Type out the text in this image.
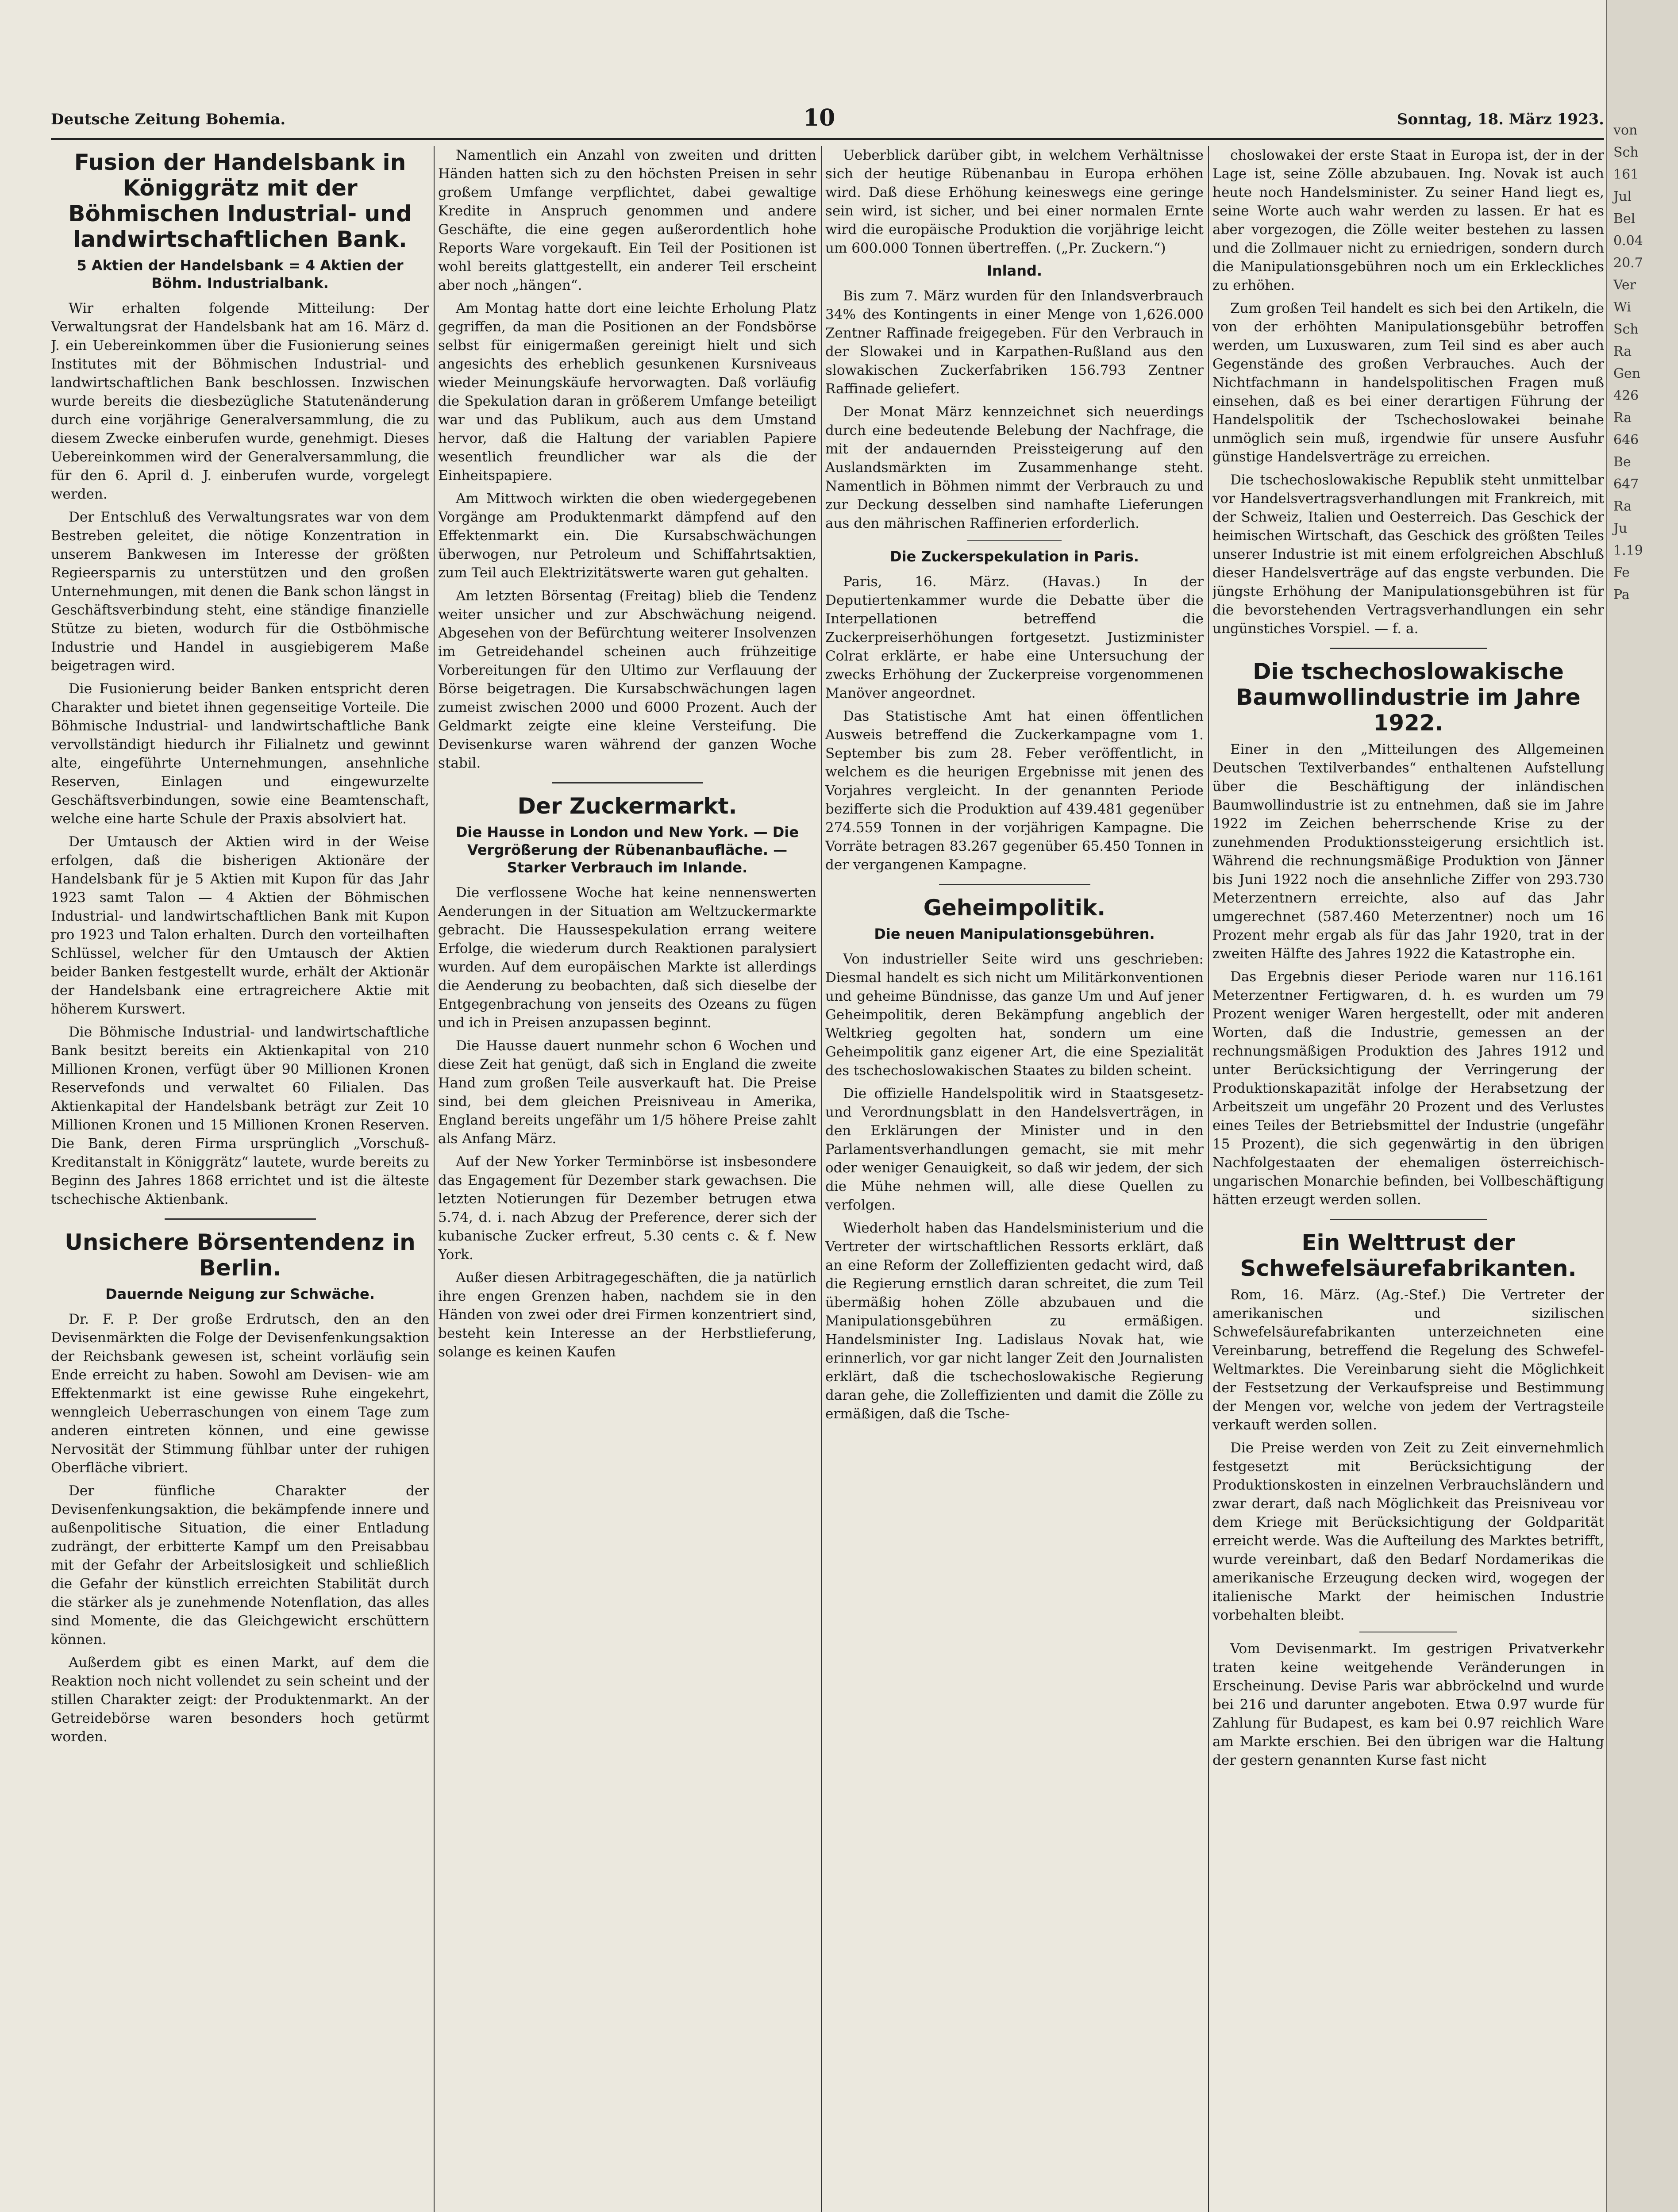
Deutsche Zeitung Bohemia.	10	Sonntag, 18. März 1923.
Fusion der Handelsbank in Königgrätz mit der Böhmischen Industrial- und landwirtschaftlichen Bank.
5 Aktien der Handelsbank = 4 Aktien der Böhm. Industrialbank.

Wir erhalten folgende Mitteilung: Der Verwaltungsrat der Handelsbank hat am 16. März d. J. ein Uebereinkommen über die Fusionierung seines Institutes mit der Böhmischen Industrial- und landwirtschaftlichen Bank beschlossen. Inzwischen wurde bereits die diesbezügliche Statutenänderung durch eine vorjährige Generalversammlung, die zu diesem Zwecke einberufen wurde, genehmigt. Dieses Uebereinkommen wird der Generalversammlung, die für den 6. April d. J. einberufen wurde, vorgelegt werden.

Der Entschluß des Verwaltungsrates war von dem Bestreben geleitet, die nötige Konzentration in unserem Bankwesen im Interesse der größten Regieersparnis zu unterstützen und den großen Unternehmungen, mit denen die Bank schon längst in Geschäftsverbindung steht, eine ständige finanzielle Stütze zu bieten, wodurch für die Ostböhmische Industrie und Handel in ausgiebigerem Maße beigetragen wird.

Die Fusionierung beider Banken entspricht deren Charakter und bietet ihnen gegenseitige Vorteile. Die Böhmische Industrial- und landwirtschaftliche Bank vervollständigt hiedurch ihr Filialnetz und gewinnt alte, eingeführte Unternehmungen, ansehnliche Reserven, Einlagen und eingewurzelte Geschäftsverbindungen, sowie eine Beamtenschaft, welche eine harte Schule der Praxis absolviert hat.

Der Umtausch der Aktien wird in der Weise erfolgen, daß die bisherigen Aktionäre der Handelsbank für je 5 Aktien mit Kupon für das Jahr 1923 samt Talon — 4 Aktien der Böhmischen Industrial- und landwirtschaftlichen Bank mit Kupon pro 1923 und Talon erhalten. Durch den vorteilhaften Schlüssel, welcher für den Umtausch der Aktien beider Banken festgestellt wurde, erhält der Aktionär der Handelsbank eine ertragreichere Aktie mit höherem Kurswert.

Die Böhmische Industrial- und landwirtschaftliche Bank besitzt bereits ein Aktienkapital von 210 Millionen Kronen, verfügt über 90 Millionen Kronen Reservefonds und verwaltet 60 Filialen. Das Aktienkapital der Handelsbank beträgt zur Zeit 10 Millionen Kronen und 15 Millionen Kronen Reserven. Die Bank, deren Firma ursprünglich „Vorschuß-Kreditanstalt in Königgrätz“ lautete, wurde bereits zu Beginn des Jahres 1868 errichtet und ist die älteste tschechische Aktienbank.

Unsichere Börsentendenz in Berlin.
Dauernde Neigung zur Schwäche.

Dr. F. P. Der große Erdrutsch, den an den Devisenmärkten die Folge der Devisenfenkungsaktion der Reichsbank gewesen ist, scheint vorläufig sein Ende erreicht zu haben. Sowohl am Devisen- wie am Effektenmarkt ist eine gewisse Ruhe eingekehrt, wenngleich Ueberraschungen von einem Tage zum anderen eintreten können, und eine gewisse Nervosität der Stimmung fühlbar unter der ruhigen Oberfläche vibriert.

Der fünfliche Charakter der Devisenfenkungsaktion, die bekämpfende innere und außenpolitische Situation, die einer Entladung zudrängt, der erbitterte Kampf um den Preisabbau mit der Gefahr der Arbeitslosigkeit und schließlich die Gefahr der künstlich erreichten Stabilität durch die stärker als je zunehmende Notenflation, das alles sind Momente, die das Gleichgewicht erschüttern können.

Außerdem gibt es einen Markt, auf dem die Reaktion noch nicht vollendet zu sein scheint und der stillen Charakter zeigt: der Produktenmarkt. An der Getreidebörse waren besonders hoch getürmt worden.

Namentlich ein Anzahl von zweiten und dritten Händen hatten sich zu den höchsten Preisen in sehr großem Umfange verpflichtet, dabei gewaltige Kredite in Anspruch genommen und andere Geschäfte, die eine gegen außerordentlich hohe Reports Ware vorgekauft. Ein Teil der Positionen ist wohl bereits glattgestellt, ein anderer Teil erscheint aber noch „hängen“.

Am Montag hatte dort eine leichte Erholung Platz gegriffen, da man die Positionen an der Fondsbörse selbst für einigermaßen gereinigt hielt und sich angesichts des erheblich gesunkenen Kursniveaus wieder Meinungskäufe hervorwagten. Daß vorläufig die Spekulation daran in größerem Umfange beteiligt war und das Publikum, auch aus dem Umstand hervor, daß die Haltung der variablen Papiere wesentlich freundlicher war als die der Einheitspapiere.

Am Mittwoch wirkten die oben wiedergegebenen Vorgänge am Produktenmarkt dämpfend auf den Effektenmarkt ein. Die Kursabschwächungen überwogen, nur Petroleum und Schiffahrtsaktien, zum Teil auch Elektrizitätswerte waren gut gehalten.

Am letzten Börsentag (Freitag) blieb die Tendenz weiter unsicher und zur Abschwächung neigend. Abgesehen von der Befürchtung weiterer Insolvenzen im Getreidehandel scheinen auch frühzeitige Vorbereitungen für den Ultimo zur Verflauung der Börse beigetragen. Die Kursabschwächungen lagen zumeist zwischen 2000 und 6000 Prozent. Auch der Geldmarkt zeigte eine kleine Versteifung. Die Devisenkurse waren während der ganzen Woche stabil.

Der Zuckermarkt.
Die Hausse in London und New York. — Die Vergrößerung der Rübenanbaufläche. — Starker Verbrauch im Inlande.

Die verflossene Woche hat keine nennenswerten Aenderungen in der Situation am Weltzuckermarkte gebracht. Die Haussespekulation errang weitere Erfolge, die wiederum durch Reaktionen paralysiert wurden. Auf dem europäischen Markte ist allerdings die Aenderung zu beobachten, daß sich dieselbe der Entgegenbrachung von jenseits des Ozeans zu fügen und ich in Preisen anzupassen beginnt.

Die Hausse dauert nunmehr schon 6 Wochen und diese Zeit hat genügt, daß sich in England die zweite Hand zum großen Teile ausverkauft hat. Die Preise sind, bei dem gleichen Preisniveau in Amerika, England bereits ungefähr um 1/5 höhere Preise zahlt als Anfang März.

Auf der New Yorker Terminbörse ist insbesondere das Engagement für Dezember stark gewachsen. Die letzten Notierungen für Dezember betrugen etwa 5.74, d. i. nach Abzug der Preference, derer sich der kubanische Zucker erfreut, 5.30 cents c. & f. New York.

Außer diesen Arbitragegeschäften, die ja natürlich ihre engen Grenzen haben, nachdem sie in den Händen von zwei oder drei Firmen konzentriert sind, besteht kein Interesse an der Herbstlieferung, solange es keinen Kaufen

Ueberblick darüber gibt, in welchem Verhältnisse sich der heutige Rübenanbau in Europa erhöhen wird. Daß diese Erhöhung keineswegs eine geringe sein wird, ist sicher, und bei einer normalen Ernte wird die europäische Produktion die vorjährige leicht um 600.000 Tonnen übertreffen. („Pr. Zuckern.“)

Inland.

Bis zum 7. März wurden für den Inlandsverbrauch 34% des Kontingents in einer Menge von 1,626.000 Zentner Raffinade freigegeben. Für den Verbrauch in der Slowakei und in Karpathen-Rußland aus den slowakischen Zuckerfabriken 156.793 Zentner Raffinade geliefert.

Der Monat März kennzeichnet sich neuerdings durch eine bedeutende Belebung der Nachfrage, die mit der andauernden Preissteigerung auf den Auslandsmärkten im Zusammenhange steht. Namentlich in Böhmen nimmt der Verbrauch zu und zur Deckung desselben sind namhafte Lieferungen aus den mährischen Raffinerien erforderlich.

Die Zuckerspekulation in Paris.

Paris, 16. März. (Havas.) In der Deputiertenkammer wurde die Debatte über die Interpellationen betreffend die Zuckerpreiserhöhungen fortgesetzt. Justizminister Colrat erklärte, er habe eine Untersuchung der zwecks Erhöhung der Zuckerpreise vorgenommenen Manöver angeordnet.

Das Statistische Amt hat einen öffentlichen Ausweis betreffend die Zuckerkampagne vom 1. September bis zum 28. Feber veröffentlicht, in welchem es die heurigen Ergebnisse mit jenen des Vorjahres vergleicht. In der genannten Periode bezifferte sich die Produktion auf 439.481 gegenüber 274.559 Tonnen in der vorjährigen Kampagne. Die Vorräte betragen 83.267 gegenüber 65.450 Tonnen in der vergangenen Kampagne.

Geheimpolitik.
Die neuen Manipulationsgebühren.

Von industrieller Seite wird uns geschrieben: Diesmal handelt es sich nicht um Militärkonventionen und geheime Bündnisse, das ganze Um und Auf jener Geheimpolitik, deren Bekämpfung angeblich der Weltkrieg gegolten hat, sondern um eine Geheimpolitik ganz eigener Art, die eine Spezialität des tschechoslowakischen Staates zu bilden scheint.

Die offizielle Handelspolitik wird in Staatsgesetz- und Verordnungsblatt in den Handelsverträgen, in den Erklärungen der Minister und in den Parlamentsverhandlungen gemacht, sie mit mehr oder weniger Genauigkeit, so daß wir jedem, der sich die Mühe nehmen will, alle diese Quellen zu verfolgen.

Wiederholt haben das Handelsministerium und die Vertreter der wirtschaftlichen Ressorts erklärt, daß an eine Reform der Zolleffizienten gedacht wird, daß die Regierung ernstlich daran schreitet, die zum Teil übermäßig hohen Zölle abzubauen und die Manipulationsgebühren zu ermäßigen. Handelsminister Ing. Ladislaus Novak hat, wie erinnerlich, vor gar nicht langer Zeit den Journalisten erklärt, daß die tschechoslowakische Regierung daran gehe, die Zolleffizienten und damit die Zölle zu ermäßigen, daß die Tsche-

choslowakei der erste Staat in Europa ist, der in der Lage ist, seine Zölle abzubauen. Ing. Novak ist auch heute noch Handelsminister. Zu seiner Hand liegt es, seine Worte auch wahr werden zu lassen. Er hat es aber vorgezogen, die Zölle weiter bestehen zu lassen und die Zollmauer nicht zu erniedrigen, sondern durch die Manipulationsgebühren noch um ein Erkleckliches zu erhöhen.

Zum großen Teil handelt es sich bei den Artikeln, die von der erhöhten Manipulationsgebühr betroffen werden, um Luxuswaren, zum Teil sind es aber auch Gegenstände des großen Verbrauches. Auch der Nichtfachmann in handelspolitischen Fragen muß einsehen, daß es bei einer derartigen Führung der Handelspolitik der Tschechoslowakei beinahe unmöglich sein muß, irgendwie für unsere Ausfuhr günstige Handelsverträge zu erreichen.

Die tschechoslowakische Republik steht unmittelbar vor Handelsvertragsverhandlungen mit Frankreich, mit der Schweiz, Italien und Oesterreich. Das Geschick der heimischen Wirtschaft, das Geschick des größten Teiles unserer Industrie ist mit einem erfolgreichen Abschluß dieser Handelsverträge auf das engste verbunden. Die jüngste Erhöhung der Manipulationsgebühren ist für die bevorstehenden Vertragsverhandlungen ein sehr ungünstiches Vorspiel. — f. a.

Die tschechoslowakische Baumwollindustrie im Jahre 1922.

Einer in den „Mitteilungen des Allgemeinen Deutschen Textilverbandes“ enthaltenen Aufstellung über die Beschäftigung der inländischen Baumwollindustrie ist zu entnehmen, daß sie im Jahre 1922 im Zeichen beherrschende Krise zu der zunehmenden Produktionssteigerung ersichtlich ist. Während die rechnungsmäßige Produktion von Jänner bis Juni 1922 noch die ansehnliche Ziffer von 293.730 Meterzentnern erreichte, also auf das Jahr umgerechnet (587.460 Meterzentner) noch um 16 Prozent mehr ergab als für das Jahr 1920, trat in der zweiten Hälfte des Jahres 1922 die Katastrophe ein.

Das Ergebnis dieser Periode waren nur 116.161 Meterzentner Fertigwaren, d. h. es wurden um 79 Prozent weniger Waren hergestellt, oder mit anderen Worten, daß die Industrie, gemessen an der rechnungsmäßigen Produktion des Jahres 1912 und unter Berücksichtigung der Verringerung der Produktionskapazität infolge der Herabsetzung der Arbeitszeit um ungefähr 20 Prozent und des Verlustes eines Teiles der Betriebsmittel der Industrie (ungefähr 15 Prozent), die sich gegenwärtig in den übrigen Nachfolgestaaten der ehemaligen österreichisch-ungarischen Monarchie befinden, bei Vollbeschäftigung hätten erzeugt werden sollen.

Ein Welttrust der Schwefelsäurefabrikanten.

Rom, 16. März. (Ag.-Stef.) Die Vertreter der amerikanischen und sizilischen Schwefelsäurefabrikanten unterzeichneten eine Vereinbarung, betreffend die Regelung des Schwefel-Weltmarktes. Die Vereinbarung sieht die Möglichkeit der Festsetzung der Verkaufspreise und Bestimmung der Mengen vor, welche von jedem der Vertragsteile verkauft werden sollen.

Die Preise werden von Zeit zu Zeit einvernehmlich festgesetzt mit Berücksichtigung der Produktionskosten in einzelnen Verbrauchsländern und zwar derart, daß nach Möglichkeit das Preisniveau vor dem Kriege mit Berücksichtigung der Goldparität erreicht werde. Was die Aufteilung des Marktes betrifft, wurde vereinbart, daß den Bedarf Nordamerikas die amerikanische Erzeugung decken wird, wogegen der italienische Markt der heimischen Industrie vorbehalten bleibt.

Vom Devisenmarkt. Im gestrigen Privatverkehr traten keine weitgehende Veränderungen in Erscheinung. Devise Paris war abbröckelnd und wurde bei 216 und darunter angeboten. Etwa 0.97 wurde für Zahlung für Budapest, es kam bei 0.97 reichlich Ware am Markte erschien. Bei den übrigen war die Haltung der gestern genannten Kurse fast nicht

von
Sch
161
Jul
Bel
0.04
20.7
Ver
Wi
Sch
Ra
Gen
426
Ra
646
Be
647
Ra
Ju
1.19
Fe
Pa
